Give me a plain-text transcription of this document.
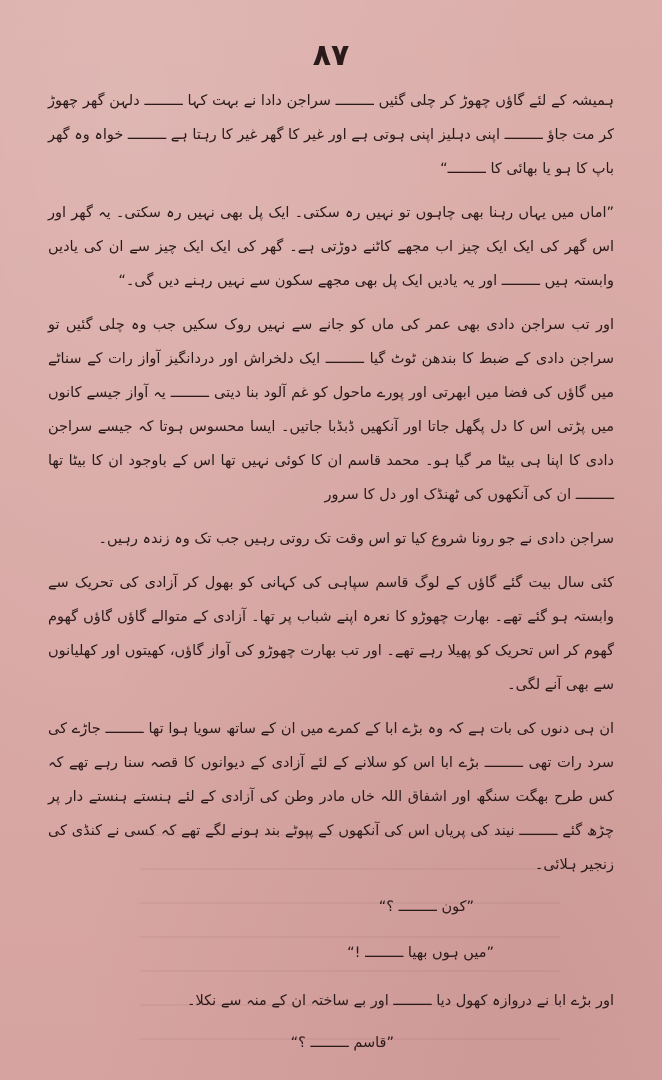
٨٧

ہمیشہ کے لئے گاؤں چھوڑ کر چلی گئیں ـــــــــ سراجن دادا نے بہت کہا ـــــــــ دلہن گھر چھوڑ کر مت جاؤ ـــــــــ اپنی دہلیز اپنی ہوتی ہے اور غیر کا گھر غیر کا رہتا ہے ـــــــــ خواہ وہ گھر باپ کا ہو یا بھائی کا ـــــــــ“

”اماں میں یہاں رہنا بھی چاہوں تو نہیں رہ سکتی۔ ایک پل بھی نہیں رہ سکتی۔ یہ گھر اور اس گھر کی ایک ایک چیز اب مجھے کاٹنے دوڑتی ہے۔ گھر کی ایک ایک چیز سے ان کی یادیں وابستہ ہیں ـــــــــ اور یہ یادیں ایک پل بھی مجھے سکون سے نہیں رہنے دیں گی۔“

اور تب سراجن دادی بھی عمر کی ماں کو جانے سے نہیں روک سکیں جب وہ چلی گئیں تو سراجن دادی کے ضبط کا بندھن ٹوٹ گیا ـــــــــ ایک دلخراش اور دردانگیز آواز رات کے سناٹے میں گاؤں کی فضا میں ابھرتی اور پورے ماحول کو غم آلود بنا دیتی ـــــــــ یہ آواز جیسے کانوں میں پڑتی اس کا دل پگھل جاتا اور آنکھیں ڈبڈبا جاتیں۔ ایسا محسوس ہوتا کہ جیسے سراجن دادی کا اپنا ہی بیٹا مر گیا ہو۔ محمد قاسم ان کا کوئی نہیں تھا اس کے باوجود ان کا بیٹا تھا ـــــــــ ان کی آنکھوں کی ٹھنڈک اور دل کا سرور

سراجن دادی نے جو رونا شروع کیا تو اس وقت تک روتی رہیں جب تک وہ زندہ رہیں۔

کئی سال بیت گئے گاؤں کے لوگ قاسم سپاہی کی کہانی کو بھول کر آزادی کی تحریک سے وابستہ ہو گئے تھے۔ بھارت چھوڑو کا نعرہ اپنے شباب پر تھا۔ آزادی کے متوالے گاؤں گاؤں گھوم گھوم کر اس تحریک کو پھیلا رہے تھے۔ اور تب بھارت چھوڑو کی آواز گاؤں، کھیتوں اور کھلیانوں سے بھی آنے لگی۔

ان ہی دنوں کی بات ہے کہ وہ بڑے ابا کے کمرے میں ان کے ساتھ سویا ہوا تھا ـــــــــ جاڑے کی سرد رات تھی ـــــــــ بڑے ابا اس کو سلانے کے لئے آزادی کے دیوانوں کا قصہ سنا رہے تھے کہ کس طرح بھگت سنگھ اور اشفاق اللہ خاں مادر وطن کی آزادی کے لئے ہنستے ہنستے دار پر چڑھ گئے ـــــــــ نیند کی پریاں اس کی آنکھوں کے پپوٹے بند ہونے لگے تھے کہ کسی نے کنڈی کی زنجیر ہلائی۔

”کون ـــــــــ ؟“

”میں ہوں بھیا ـــــــــ !“

اور بڑے ابا نے دروازہ کھول دیا ـــــــــ اور بے ساختہ ان کے منہ سے نکلا۔

”قاسم ـــــــــ ؟“
